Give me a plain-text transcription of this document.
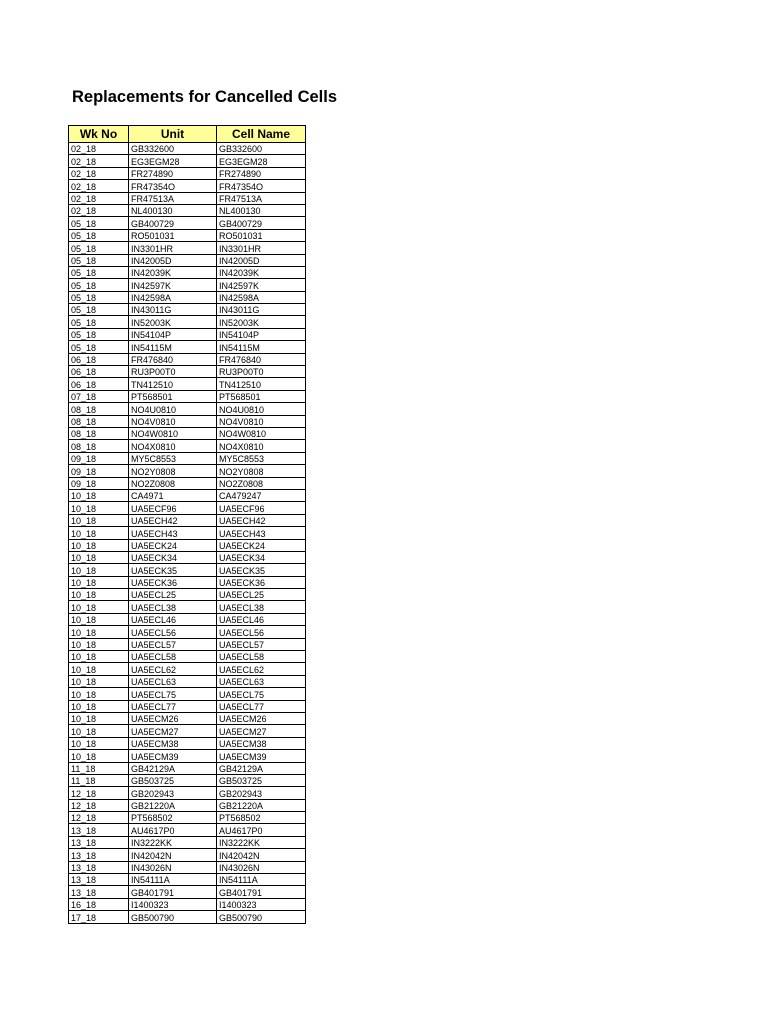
Replacements for Cancelled Cells
Wk No	Unit	Cell Name
02_18	GB332600	GB332600
02_18	EG3EGM28	EG3EGM28
02_18	FR274890	FR274890
02_18	FR47354O	FR47354O
02_18	FR47513A	FR47513A
02_18	NL400130	NL400130
05_18	GB400729	GB400729
05_18	RO501031	RO501031
05_18	IN3301HR	IN3301HR
05_18	IN42005D	IN42005D
05_18	IN42039K	IN42039K
05_18	IN42597K	IN42597K
05_18	IN42598A	IN42598A
05_18	IN43011G	IN43011G
05_18	IN52003K	IN52003K
05_18	IN54104P	IN54104P
05_18	IN54115M	IN54115M
06_18	FR476840	FR476840
06_18	RU3P00T0	RU3P00T0
06_18	TN412510	TN412510
07_18	PT568501	PT568501
08_18	NO4U0810	NO4U0810
08_18	NO4V0810	NO4V0810
08_18	NO4W0810	NO4W0810
08_18	NO4X0810	NO4X0810
09_18	MY5C8553	MY5C8553
09_18	NO2Y0808	NO2Y0808
09_18	NO2Z0808	NO2Z0808
10_18	CA4971	CA479247
10_18	UA5ECF96	UA5ECF96
10_18	UA5ECH42	UA5ECH42
10_18	UA5ECH43	UA5ECH43
10_18	UA5ECK24	UA5ECK24
10_18	UA5ECK34	UA5ECK34
10_18	UA5ECK35	UA5ECK35
10_18	UA5ECK36	UA5ECK36
10_18	UA5ECL25	UA5ECL25
10_18	UA5ECL38	UA5ECL38
10_18	UA5ECL46	UA5ECL46
10_18	UA5ECL56	UA5ECL56
10_18	UA5ECL57	UA5ECL57
10_18	UA5ECL58	UA5ECL58
10_18	UA5ECL62	UA5ECL62
10_18	UA5ECL63	UA5ECL63
10_18	UA5ECL75	UA5ECL75
10_18	UA5ECL77	UA5ECL77
10_18	UA5ECM26	UA5ECM26
10_18	UA5ECM27	UA5ECM27
10_18	UA5ECM38	UA5ECM38
10_18	UA5ECM39	UA5ECM39
11_18	GB42129A	GB42129A
11_18	GB503725	GB503725
12_18	GB202943	GB202943
12_18	GB21220A	GB21220A
12_18	PT568502	PT568502
13_18	AU4617P0	AU4617P0
13_18	IN3222KK	IN3222KK
13_18	IN42042N	IN42042N
13_18	IN43026N	IN43026N
13_18	IN54111A	IN54111A
13_18	GB401791	GB401791
16_18	I1400323	I1400323
17_18	GB500790	GB500790
